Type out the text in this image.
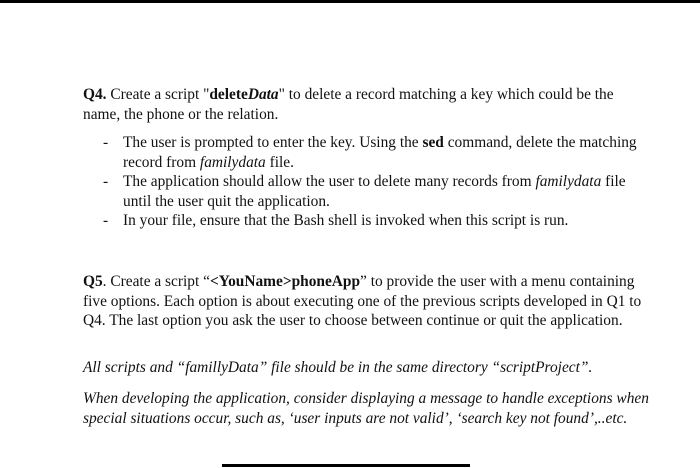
Q4. Create a script "deleteData" to delete a record matching a key which could be the name, the phone or the relation.
- The user is prompted to enter the key. Using the sed command, delete the matching record from familydata file.
- The application should allow the user to delete many records from familydata file until the user quit the application.
- In your file, ensure that the Bash shell is invoked when this script is run.
Q5. Create a script “<YouName>phoneApp” to provide the user with a menu containing five options. Each option is about executing one of the previous scripts developed in Q1 to Q4. The last option you ask the user to choose between continue or quit the application.
All scripts and “famillyData” file should be in the same directory “scriptProject”.
When developing the application, consider displaying a message to handle exceptions when special situations occur, such as, ‘user inputs are not valid’, ‘search key not found’,..etc.
